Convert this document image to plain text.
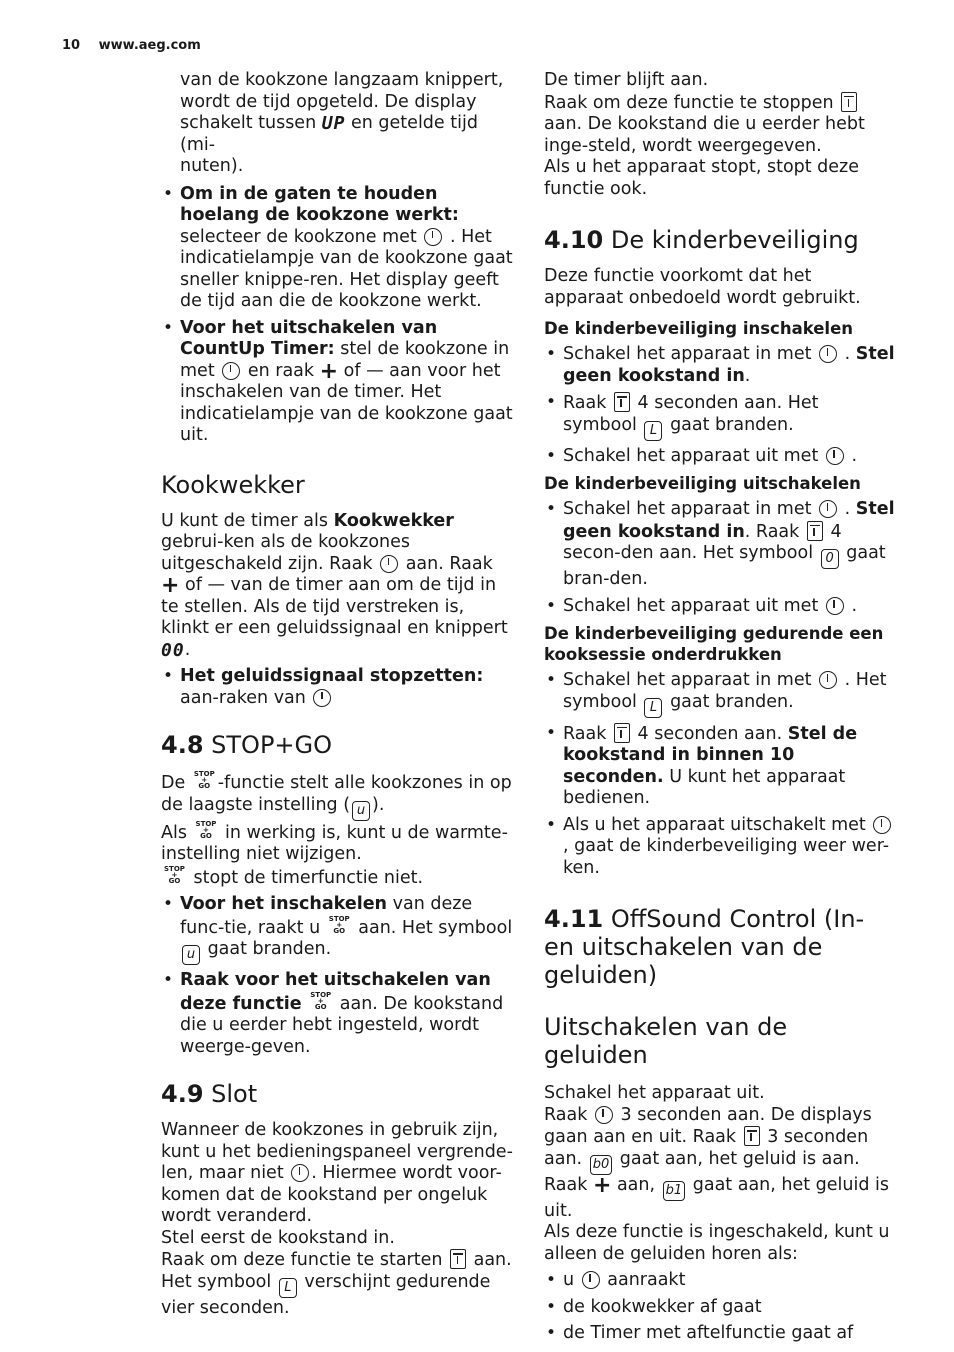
10 www.aeg.com

van de kookzone langzaam knippert,
wordt de tijd opgeteld. De display
schakelt tussen UP en getelde tijd (mi-
nuten).

• Om in de gaten te houden hoelang de kookzone werkt: selecteer de kookzone met . Het indicatielampje van de kookzone gaat sneller knippe-ren. Het display geeft de tijd aan die de kookzone werkt.
• Voor het uitschakelen van CountUp Timer: stel de kookzone in met en raak + of — aan voor het inschakelen van de timer. Het indicatielampje van de kookzone gaat uit.
Kookwekker

U kunt de timer als Kookwekker gebrui-ken als de kookzones uitgeschakeld zijn. Raak aan. Raak + of — van de timer aan om de tijd in te stellen. Als de tijd verstreken is, klinkt er een geluidssignaal en knippert 00.

• Het geluidssignaal stopzetten: aan-raken van
4.8 STOP+GO

De STOP
+
GO -functie stelt alle kookzones in op de laagste instelling ( u ).

Als STOP
+
GO in werking is, kunt u de warmte-instelling niet wijzigen.

STOP
+
GO stopt de timerfunctie niet.

• Voor het inschakelen van deze func-tie, raakt u STOP
+
GO aan. Het symbool u gaat branden.
• Raak voor het uitschakelen van deze functie STOP
+
GO aan. De kookstand die u eerder hebt ingesteld, wordt weerge-geven.
4.9 Slot

Wanneer de kookzones in gebruik zijn, kunt u het bedieningspaneel vergrende-len, maar niet . Hiermee wordt voor-komen dat de kookstand per ongeluk wordt veranderd.

Stel eerst de kookstand in.

Raak om deze functie te starten aan.

Het symbool L verschijnt gedurende vier seconden.

De timer blijft aan.

Raak om deze functie te stoppen  aan. De kookstand die u eerder hebt inge-steld, wordt weergegeven.

Als u het apparaat stopt, stopt deze functie ook.

4.10 De kinderbeveiliging

Deze functie voorkomt dat het apparaat onbedoeld wordt gebruikt.

De kinderbeveiliging inschakelen
• Schakel het apparaat in met . Stel geen kookstand in.
• Raak 4 seconden aan. Het symbool L gaat branden.
• Schakel het apparaat uit met .
De kinderbeveiliging uitschakelen
• Schakel het apparaat in met . Stel geen kookstand in. Raak 4 secon-den aan. Het symbool 0 gaat bran-den.
• Schakel het apparaat uit met .
De kinderbeveiliging gedurende een kooksessie onderdrukken
• Schakel het apparaat in met . Het symbool L gaat branden.
• Raak 4 seconden aan. Stel de kookstand in binnen 10 seconden. U kunt het apparaat bedienen.
• Als u het apparaat uitschakelt met , gaat de kinderbeveiliging weer wer-ken.
4.11 OffSound Control (In- en uitschakelen van de geluiden)
Uitschakelen van de geluiden

Schakel het apparaat uit.

Raak 3 seconden aan. De displays gaan aan en uit. Raak 3 seconden aan. b0 gaat aan, het geluid is aan. Raak + aan, b1 gaat aan, het geluid is uit.

Als deze functie is ingeschakeld, kunt u alleen de geluiden horen als:

• u aanraakt
• de kookwekker af gaat
• de Timer met aftelfunctie gaat af
